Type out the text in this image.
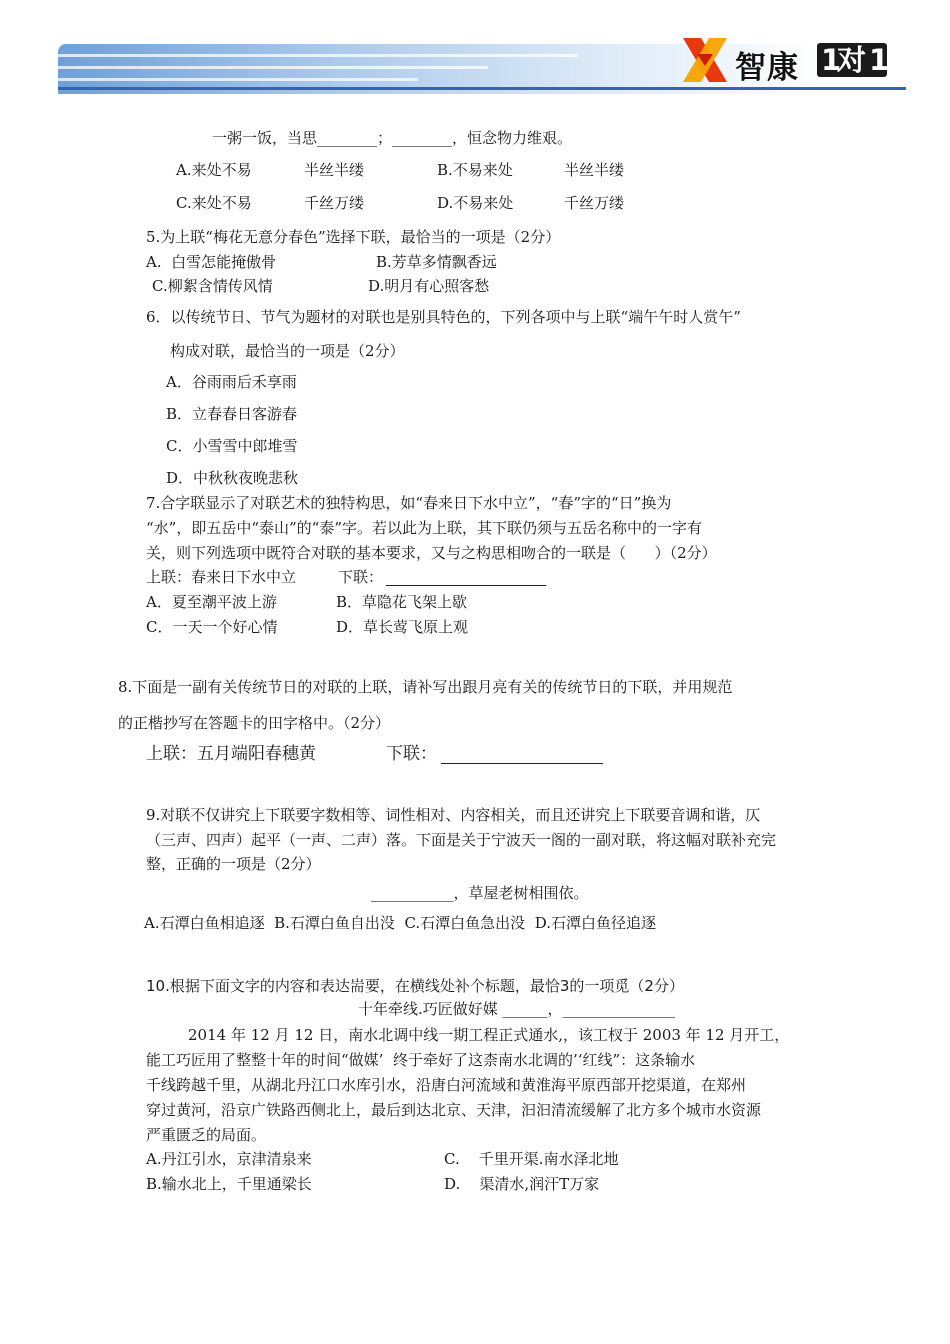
智康 1
对 1
一粥一饭，当思________；________，恒念物力维艰。
A.来处不易	半丝半缕	B.不易来处	半丝半缕
C.来处不易	千丝万缕	D.不易来处	千丝万缕
5.为上联“梅花无意分春色”选择下联，最恰当的一项是（2分）
A.  白雪怎能掩傲骨	B.芳草多情飘香远
C.柳絮含情传风情	D.明月有心照客愁
6．以传统节日、节气为题材的对联也是别具特色的，下列各项中与上联“端午午时人赏午”
构成对联，最恰当的一项是（2分）
A．谷雨雨后禾享雨
B．立春春日客游春
C．小雪雪中郎堆雪
D．中秋秋夜晚悲秋
7.合字联显示了对联艺术的独特构思，如“春来日下水中立”，“春”字的“日”换为
“水”，即五岳中“泰山”的“泰”字。若以此为上联，其下联仍须与五岳名称中的一字有
关，则下列选项中既符合对联的基本要求，又与之构思相吻合的一联是（      ）（2分）
上联：春来日下水中立	下联：
A．夏至潮平波上游	B．草隐花飞架上歇
C．一天一个好心情	D．草长莺飞原上观
8.下面是一副有关传统节日的对联的上联，请补写出跟月亮有关的传统节日的下联，并用规范
的正楷抄写在答题卡的田字格中。（2分）
上联：五月端阳春穗黄	下联：
9.对联不仅讲究上下联要字数相等、词性相对、内容相关，而且还讲究上下联要音调和谐，仄
（三声、四声）起平（一声、二声）落。下面是关于宁波天一阁的一副对联，将这幅对联补充完
整，正确的一项是（2分）
___________，草屋老树相围依。
A.石潭白鱼相追逐  B.石潭白鱼自出没  C.石潭白鱼急出没  D.石潭白鱼径追逐
10.根据下面文字的内容和表达耑要，在横线处补个标题，最恰3的一项觅（2分）
十年牵线.巧匠做好媒 ______，_______________
2014 年 12 月 12 日，南水北调中线一期工程正式通水,，该工杈于 2003 年 12 月开工，
能工巧匠用了整整十年的时间“做媒’  终于牵好了这柰南水北调的’‘红线”：这条输水
千线跨越千里，从湖北丹江口水库引水，沿唐白河流域和黄淮海平原西部开挖渠道，在郑州
穿过黄河，沿京广铁路西侧北上，最后到达北京、天津，汩汩清流缓解了北方多个城市水资源
严重匮乏的局面。
A.丹江引水，京津清泉来	C.    千里开渠.南水泽北地
B.输水北上，千里通梁长	D.    渠清水,润汗T万家
